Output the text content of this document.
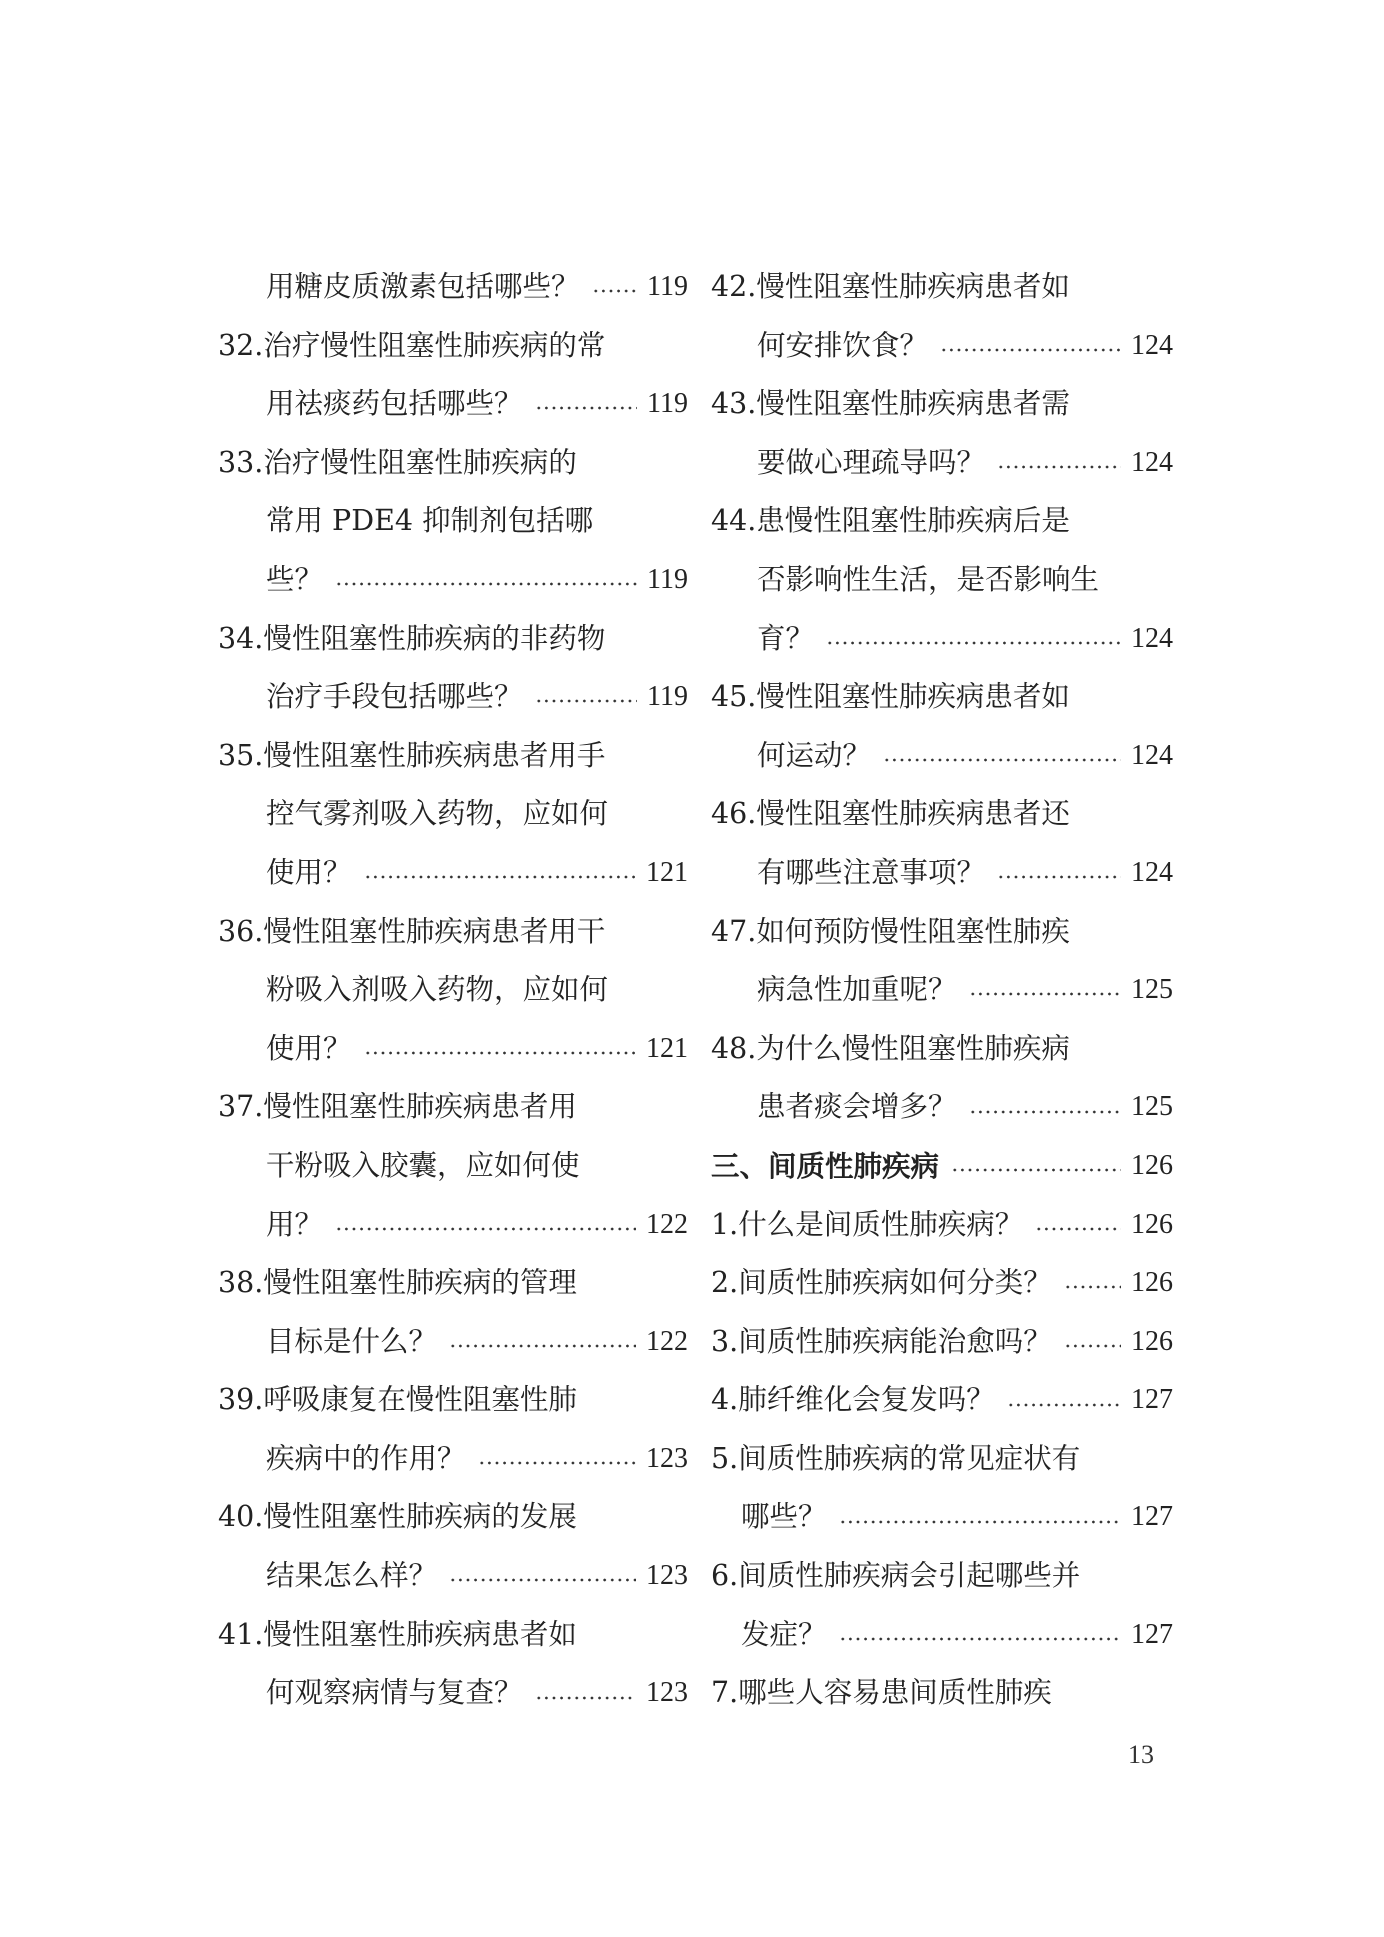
用糖皮质激素包括哪些？ 119
32. 治疗慢性阻塞性肺疾病的常
用祛痰药包括哪些？	119
33. 治疗慢性阻塞性肺疾病的
常用 PDE4 抑制剂包括哪
些？	119
34. 慢性阻塞性肺疾病的非药物
治疗手段包括哪些？	119
35. 慢性阻塞性肺疾病患者用手
控气雾剂吸入药物，应如何
使用？	121
36. 慢性阻塞性肺疾病患者用干
粉吸入剂吸入药物，应如何
使用？	121
37. 慢性阻塞性肺疾病患者用
干粉吸入胶囊，应如何使
用？	122
38. 慢性阻塞性肺疾病的管理
目标是什么？	122
39. 呼吸康复在慢性阻塞性肺
疾病中的作用？	123
40. 慢性阻塞性肺疾病的发展
结果怎么样？	123
41. 慢性阻塞性肺疾病患者如
何观察病情与复查？	123
42. 慢性阻塞性肺疾病患者如
何安排饮食？	124
43. 慢性阻塞性肺疾病患者需
要做心理疏导吗？	124
44. 患慢性阻塞性肺疾病后是
否影响性生活，是否影响生
育？	124
45. 慢性阻塞性肺疾病患者如
何运动？	124
46. 慢性阻塞性肺疾病患者还
有哪些注意事项？	124
47. 如何预防慢性阻塞性肺疾
病急性加重呢？	125
48. 为什么慢性阻塞性肺疾病
患者痰会增多？	125
三、间质性肺疾病	126
1. 什么是间质性肺疾病？	126
2. 间质性肺疾病如何分类？	126
3. 间质性肺疾病能治愈吗？	126
4. 肺纤维化会复发吗？	127
5. 间质性肺疾病的常见症状有
哪些？	127
6. 间质性肺疾病会引起哪些并
发症？	127
7. 哪些人容易患间质性肺疾
13
